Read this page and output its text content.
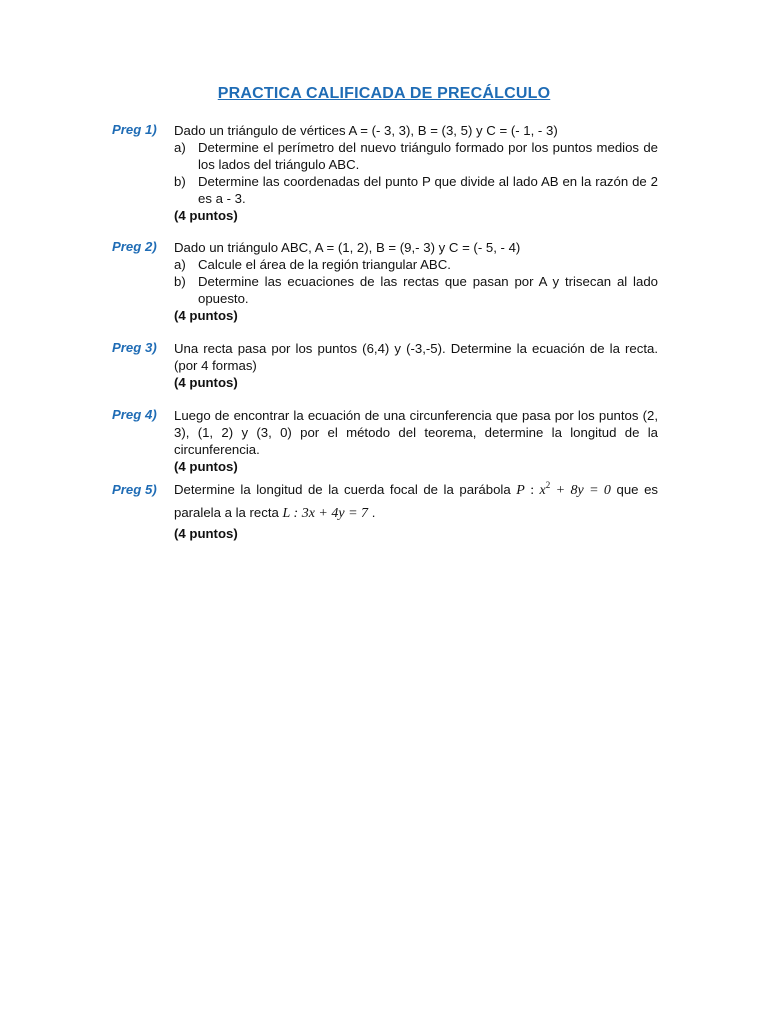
PRACTICA CALIFICADA DE PRECÁLCULO
Preg 1)	Dado un triángulo de vértices A = (- 3, 3), B = (3, 5) y C = (- 1, - 3)
a) Determine el perímetro del nuevo triángulo formado por los puntos medios de los lados del triángulo ABC.
b) Determine las coordenadas del punto P que divide al lado AB en la razón de 2 es a - 3.
(4 puntos)
Preg 2)	Dado un triángulo ABC, A = (1, 2), B = (9,- 3) y C = (- 5, - 4)
a) Calcule el área de la región triangular ABC.
b) Determine las ecuaciones de las rectas que pasan por A y trisecan al lado opuesto.
(4 puntos)
Preg 3)	Una recta pasa por los puntos (6,4) y (-3,-5). Determine la ecuación de la recta. (por 4 formas)
(4 puntos)
Preg 4)	Luego de encontrar la ecuación de una circunferencia que pasa por los puntos (2, 3), (1, 2) y (3, 0) por el método del teorema, determine la longitud de la circunferencia.
(4 puntos)
Preg 5)	Determine la longitud de la cuerda focal de la parábola P : $x^2 + 8y = 0$ que es paralela a la recta L : 3x + 4y = 7 .
(4 puntos)
